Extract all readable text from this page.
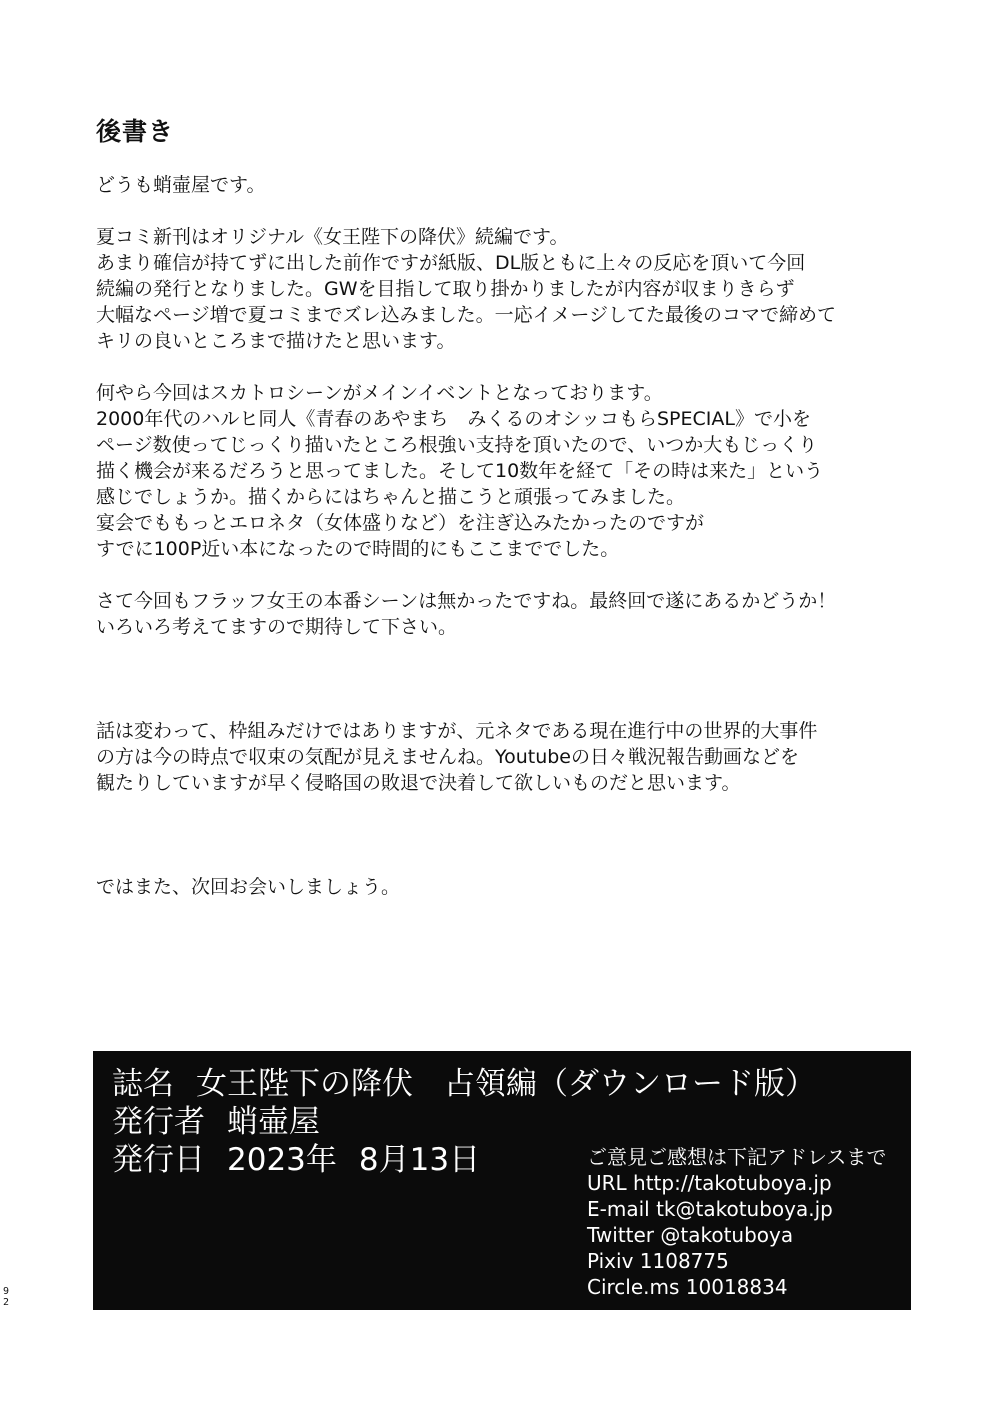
後書き
どうも蛸壷屋です。
夏コミ新刊はオリジナル《女王陛下の降伏》続編です。
あまり確信が持てずに出した前作ですが紙版、DL版ともに上々の反応を頂いて今回
続編の発行となりました。GWを目指して取り掛かりましたが内容が収まりきらず
大幅なページ増で夏コミまでズレ込みました。一応イメージしてた最後のコマで締めて
キリの良いところまで描けたと思います。
何やら今回はスカトロシーンがメインイベントとなっております。
2000年代のハルヒ同人《青春のあやまち　みくるのオシッコもらSPECIAL》で小を
ページ数使ってじっくり描いたところ根強い支持を頂いたので、いつか大もじっくり
描く機会が来るだろうと思ってました。そして10数年を経て「その時は来た」という
感じでしょうか。描くからにはちゃんと描こうと頑張ってみました。
宴会でももっとエロネタ（女体盛りなど）を注ぎ込みたかったのですが
すでに100P近い本になったので時間的にもここまででした。
さて今回もフラッフ女王の本番シーンは無かったですね。最終回で遂にあるかどうか！
いろいろ考えてますので期待して下さい。
話は変わって、枠組みだけではありますが、元ネタである現在進行中の世界的大事件
の方は今の時点で収束の気配が見えませんね。Youtubeの日々戦況報告動画などを
観たりしていますが早く侵略国の敗退で決着して欲しいものだと思います。
ではまた、次回お会いしましょう。
誌名 女王陛下の降伏　占領編（ダウンロード版）
発行者 蛸壷屋
発行日 2023年 8月13日	ご意見ご感想は下記アドレスまで
URL http://takotuboya.jp
E-mail tk@takotuboya.jp
Twitter @takotuboya
Pixiv 1108775
Circle.ms 10018834
9
2
